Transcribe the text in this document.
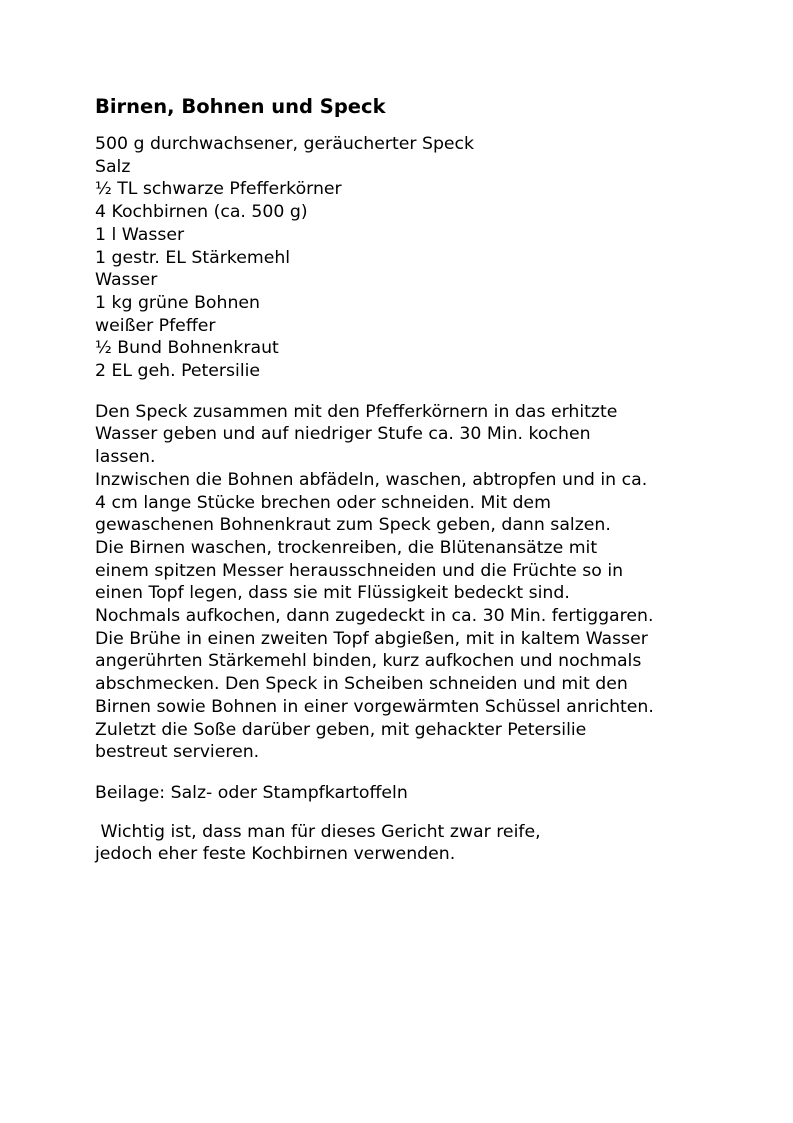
Birnen, Bohnen und Speck
500 g durchwachsener, geräucherter Speck
Salz
½ TL schwarze Pfefferkörner
4 Kochbirnen (ca. 500 g)
1 l Wasser
1 gestr. EL Stärkemehl
Wasser
1 kg grüne Bohnen
weißer Pfeffer
½ Bund Bohnenkraut
2 EL geh. Petersilie
Den Speck zusammen mit den Pfefferkörnern in das erhitzte
Wasser geben und auf niedriger Stufe ca. 30 Min. kochen
lassen.
Inzwischen die Bohnen abfädeln, waschen, abtropfen und in ca.
4 cm lange Stücke brechen oder schneiden. Mit dem
gewaschenen Bohnenkraut zum Speck geben, dann salzen.
Die Birnen waschen, trockenreiben, die Blütenansätze mit
einem spitzen Messer herausschneiden und die Früchte so in
einen Topf legen, dass sie mit Flüssigkeit bedeckt sind.
Nochmals aufkochen, dann zugedeckt in ca. 30 Min. fertiggaren.
Die Brühe in einen zweiten Topf abgießen, mit in kaltem Wasser
angerührten Stärkemehl binden, kurz aufkochen und nochmals
abschmecken. Den Speck in Scheiben schneiden und mit den
Birnen sowie Bohnen in einer vorgewärmten Schüssel anrichten.
Zuletzt die Soße darüber geben, mit gehackter Petersilie
bestreut servieren.
Beilage: Salz- oder Stampfkartoffeln
Wichtig ist, dass man für dieses Gericht zwar reife,
jedoch eher feste Kochbirnen verwenden.
